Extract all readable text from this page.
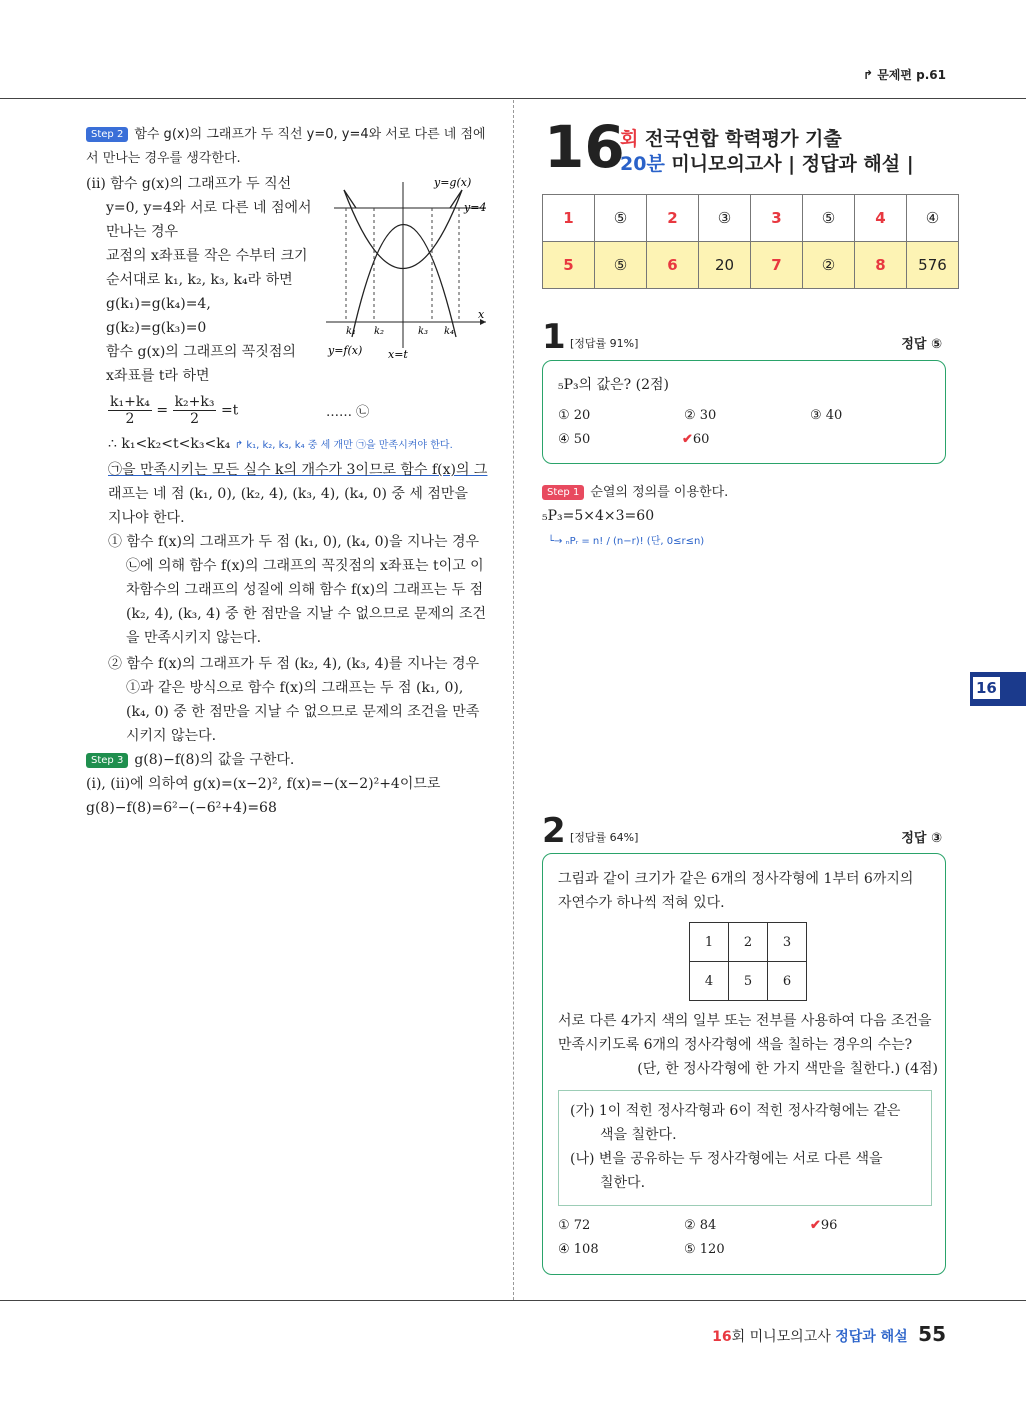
↱ 문제편 p.61
Step 2 함수 g(x)의 그래프가 두 직선 y=0, y=4와 서로 다른 네 점에
서 만나는 경우를 생각한다.
(ii) 함수 g(x)의 그래프가 두 직선
y=0, y=4와 서로 다른 네 점에서
만나는 경우
교점의 x좌표를 작은 수부터 크기
순서대로 k₁, k₂, k₃, k₄라 하면
g(k₁)=g(k₄)=4,
g(k₂)=g(k₃)=0
함수 g(x)의 그래프의 꼭짓점의
x좌표를 t라 하면
y=g(x)
y=4
x
k₁ k₂	k₃ k₄
y=f(x) x=t
$\frac{\text{k₁+k₄}}{2} = \frac{\text{k₂+k₃}}{2} =t$	…… ㉡
∴ k₁<k₂<t<k₃<k₄ ↱ k₁, k₂, k₃, k₄ 중 세 개만 ㉠을 만족시켜야 한다.
㉠을 만족시키는 모든 실수 k의 개수가 3이므로 함수 f(x)의 그
래프는 네 점 (k₁, 0), (k₂, 4), (k₃, 4), (k₄, 0) 중 세 점만을
지나야 한다.
① 함수 f(x)의 그래프가 두 점 (k₁, 0), (k₄, 0)을 지나는 경우
㉡에 의해 함수 f(x)의 그래프의 꼭짓점의 x좌표는 t이고 이
차함수의 그래프의 성질에 의해 함수 f(x)의 그래프는 두 점
(k₂, 4), (k₃, 4) 중 한 점만을 지날 수 없으므로 문제의 조건
을 만족시키지 않는다.
② 함수 f(x)의 그래프가 두 점 (k₂, 4), (k₃, 4)를 지나는 경우
①과 같은 방식으로 함수 f(x)의 그래프는 두 점 (k₁, 0),
(k₄, 0) 중 한 점만을 지날 수 없으므로 문제의 조건을 만족
시키지 않는다.
Step 3 g(8)−f(8)의 값을 구한다.
(i), (ii)에 의하여 g(x)=(x−2)², f(x)=−(x−2)²+4이므로
g(8)−f(8)=6²−(−6²+4)=68
16
회 전국연합 학력평가 기출
20분 미니모의고사 | 정답과 해설 |
1	⑤	2	③	3	⑤	4	④
5	⑤	6	20	7	②	8	576
1 [정답률 91%]	정답 ⑤
₅P₃의 값은? (2점)
① 20	② 30	③ 40
④ 50	✔60
Step 1 순열의 정의를 이용한다.
₅P₃=5×4×3=60
└→ ₙPᵣ = n! / (n−r)! (단, 0≤r≤n)
2 [정답률 64%]	정답 ③
그림과 같이 크기가 같은 6개의 정사각형에 1부터 6까지의
자연수가 하나씩 적혀 있다.
1	2	3
4	5	6
서로 다른 4가지 색의 일부 또는 전부를 사용하여 다음 조건을
만족시키도록 6개의 정사각형에 색을 칠하는 경우의 수는?
(단, 한 정사각형에 한 가지 색만을 칠한다.) (4점)
(가) 1이 적힌 정사각형과 6이 적힌 정사각형에는 같은
색을 칠한다.
(나) 변을 공유하는 두 정사각형에는 서로 다른 색을
칠한다.
① 72	② 84	✔96
④ 108	⑤ 120
16
16회 미니모의고사 정답과 해설 55
